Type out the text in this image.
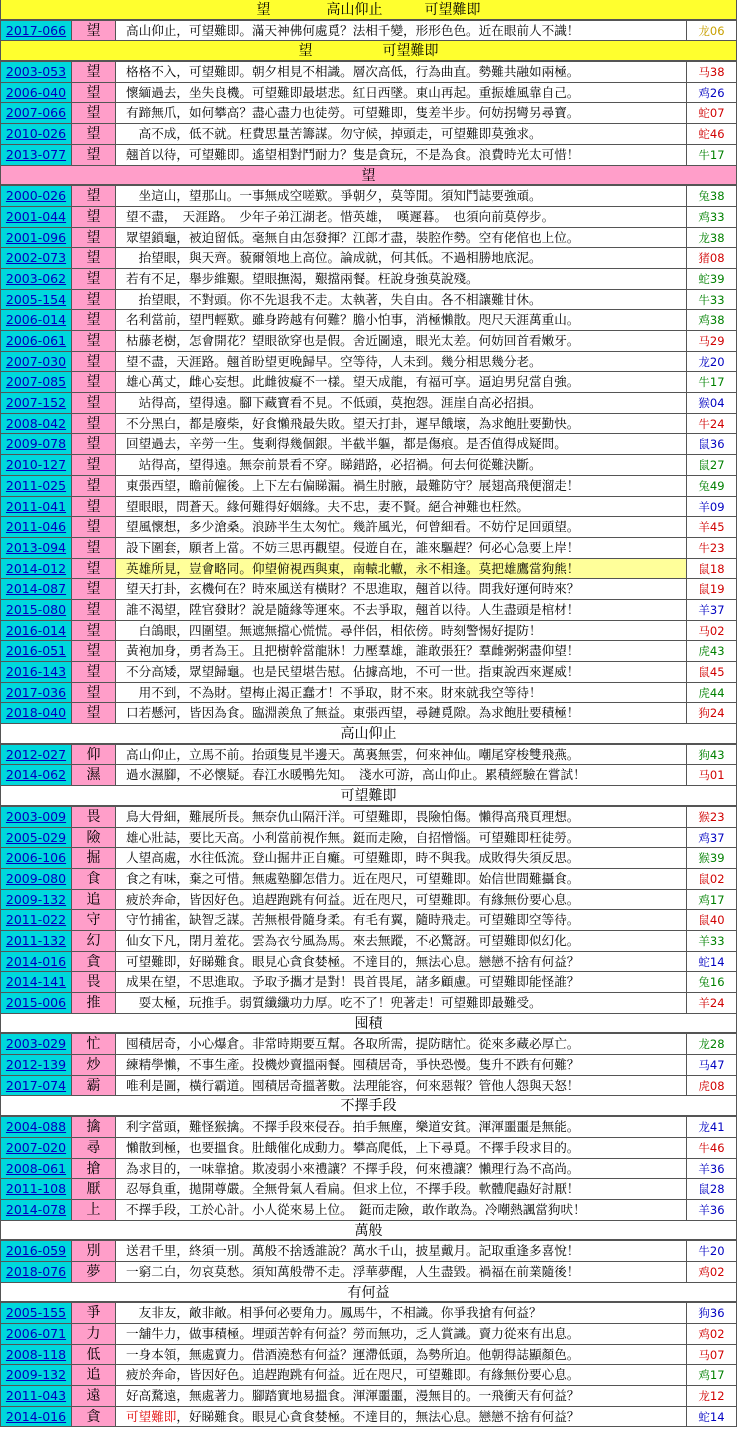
望　　　　高山仰止　　　可望難即
2017-066	望	高山仰止，可望難即。滿天神佛何處覓？法相千變，形形色色。近在眼前人不識！	龙06
望　　　　　可望難即
2003-053	望	格格不入，可望難即。朝夕相見不相識。層次高低，行為曲直。勢難共融如兩極。	马38
2006-040	望	懷緬過去，坐失良機。可望難即最堪悲。紅日西墜。東山再起。重振雄風靠自己。	鸡26
2007-066	望	有蹄無爪，如何攀高？盡心盡力也徒勞。可望難即，隻差半步。何妨拐彎另尋寶。	蛇07
2010-026	望	　高不成，低不就。枉費思量苦籌謀。勿守候，掉頭走，可望難即莫強求。	蛇46
2013-077	望	翹首以待，可望難即。遙望相對鬥耐力？隻是貪玩，不是為食。浪費時光太可惜！	牛17
望
2000-026	望	　坐這山，望那山。一事無成空嗟歎。爭朝夕，莫等閒。須知鬥誌要強頑。	兔38
2001-044	望	望不盡，　天涯路。　少年子弟江湖老。惜英雄，　嘆遲暮。　也須向前莫停步。	鸡33
2001-096	望	眾望鎖龜，被迫留低。毫無自由怎發揮？江郎才盡，裝腔作勢。空有佬倌也上位。	龙38
2002-073	望	　抬望眼，與天齊。藐爾領地上高位。論成就，何其低。不過相勝地底泥。	猪08
2003-062	望	若有不足，舉步維艱。望眼撫渴，艱擋兩餐。枉說身強莫說殘。	蛇39
2005-154	望	　抬望眼，不對頭。你不先退我不走。太執著，失自由。各不相讓難甘休。	牛33
2006-014	望	名利當前，望門輕歎。雖身跨越有何難？膽小怕事，消極懶散。咫尺天涯萬重山。	鸡38
2006-061	望	枯藤老樹，怎會開花？望眼欲穿也是假。舍近圖遠，眼光太差。何妨回首看嫩牙。	马29
2007-030	望	望不盡，天涯路。翹首盼望更晚歸早。空等待，人未到。幾分相思幾分老。	龙20
2007-085	望	雄心萬丈，雌心妄想。此雌彼癡不一樣。望天成龍，有福可享。逼迫男兒當自強。	牛17
2007-152	望	　站得高，望得遠。腳下藏寶看不見。不低頭，莫抱怨。涯崖自高必招損。	猴04
2008-042	望	不分黑白，都是廢柴，好食懶飛最失敗。望天打卦，遲早餓壞，為求飽肚要勤快。	牛24
2009-078	望	回望過去，辛勞一生。隻剩得幾個銀。半截半軀，都是傷痕。是否值得成疑問。	鼠36
2010-127	望	　站得高，望得遠。無奈前景看不穿。睇錯路，必招禍。何去何從難決斷。	鼠27
2011-025	望	東張西望，瞻前僱後。上下左右偏睇漏。禍生肘腋，最難防守？展翅高飛便溜走！	兔49
2011-041	望	望眼眼，問蒼天。緣何難得好姻緣。夫不忠，妻不賢。絕合神難也枉然。	羊09
2011-046	望	望風懷想，多少滄桑。浪跡半生太匆忙。幾許風光，何曾細看。不妨佇足回頭望。	羊45
2013-094	望	設下圍套，願者上當。不妨三思再觀望。侵遊自在，誰來驅趕？何必心急要上岸！	牛23
2014-012	望	英雄所見，豈會略同。仰望俯視西與東，南轅北轍，永不相逢。莫把雄鷹當狗熊！	鼠18
2014-087	望	望天打卦，玄機何在？時來風送有橫財？不思進取，翹首以待。問我好運何時來？	鼠19
2015-080	望	誰不渴望，陞官發財？說是隨緣等運來。不去爭取，翹首以待。人生盡頭是棺材！	羊37
2016-014	望	　白鴿眼，四圍望。無遮無擋心慌慌。尋伴侶，相依傍。時刻警惕好提防！	马02
2016-051	望	黃袍加身，勇者為王。且把樹幹當龍牀！力壓羣雄，誰敢張狂？羣雌粥粥盡仰望！	虎43
2016-143	望	不分高矮，眾望歸龜。也是民望堪告慰。佔據高地，不可一世。指東說西來遲威！	鼠45
2017-036	望	　用不到，不為財。望梅止渴正蠢才！不爭取，財不來。財來就我空等待！	虎44
2018-040	望	口若懸河，皆因為食。臨淵羨魚了無益。東張西望，尋鏈覓隙。為求飽肚要積極！	狗24
高山仰止
2012-027	仰	高山仰止，立馬不前。抬頭隻見半邊天。萬裏無雲，何來神仙。嘲尾穿梭雙飛燕。	狗43
2014-062	濕	過水濕腳，不必懷疑。春江水暖鴨先知。　淺水可游，高山仰止。累積經驗在嘗試！	马01
可望難即
2003-009	畏	鳥大骨細，難展所長。無奈仇山隔汗洋。可望難即，畏險怕傷。懶得高飛頁理想。	猴23
2005-029	險	雄心壯誌，要比天高。小利當前視作無。鋌而走險，自招憎惱。可望難即枉徒勞。	鸡37
2006-106	掘	人望高處，水往低流。登山掘井正自癱。可望難即，時不與我。成敗得失須反思。	猴39
2009-080	食	食之有味，棄之可惜。無處塾腳怎借力。近在咫尺，可望難即。始信世間難攝食。	鼠02
2009-132	追	疲於奔命，皆因好色。追趕跑跳有何益。近在咫尺，可望難即。有緣無份要心息。	鸡17
2011-022	守	守竹捕雀，缺智乏謀。苦無根骨隨身柔。有毛有翼，隨時飛走。可望難即空等待。	鼠40
2011-132	幻	仙女下凡，閉月羞花。雲為衣兮風為馬。來去無蹤，不必驚訝。可望難即似幻化。	羊33
2014-016	貪	可望難即，好睇難食。眼見心貪食婪極。不達目的，無法心息。戀戀不捨有何益？	蛇14
2014-141	畏	成果在望，不思進取。予取予攜才是對！畏首畏尾，諸多顧慮。可望難即能怪誰？	兔16
2015-006	推	　耍太極，玩推手。弱質纖纖功力厚。吃不了！兜著走！可望難即最難受。	羊24
囤積
2003-029	忙	囤積居奇，小心爆倉。非常時期要互幫。各取所需，提防瞎忙。從來多藏必厚亡。	龙28
2012-139	炒	練精學懶，不事生產。投機炒賣搵兩餐。囤積居奇，爭快恐慢。隻升不跌有何難？	马47
2017-074	霸	唯利是圖，橫行霸道。囤積居奇搵著數。法理能容，何來惡報？管他人怨與天怒！	虎08
不擇手段
2004-088	擒	利字當頭，難怪猴擒。不擇手段來侵吞。拍手無塵，樂道安貧。渾渾噩噩是無能。	龙41
2007-020	尋	懶散到極，也要搵食。肚餓催化成動力。攀高爬低，上下尋覓。不擇手段求目的。	牛46
2008-061	搶	為求目的，一味靠搶。欺凌弱小來禮讓？不擇手段，何來禮讓？懶理行為不高尚。	羊36
2011-108	厭	忍辱負重，拋開尊嚴。全無骨氣人看扁。但求上位，不擇手段。軟體爬蟲好討厭！	鼠28
2014-078	上	不擇手段，工於心計。小人從來易上位。　鋌而走險，敢作敢為。冷嘲熱諷當狗吠！	羊36
萬般
2016-059	別	送君千里，終須一別。萬般不捨透誰說？萬水千山，披星戴月。記取重逢多喜悅！	牛20
2018-076	夢	一窮二白，勿哀莫愁。須知萬般帶不走。浮華夢醒，人生盡毀。禍福在前業隨後！	鸡02
有何益
2005-155	爭	　友非友，敵非敵。相爭何必要角力。鳳馬牛，不相識。你爭我搶有何益？	狗36
2006-071	力	一舖牛力，做事積極。埋頭苦幹有何益？勞而無功，乏人賞識。賣力從來有出息。	鸡02
2008-118	低	一身本領，無處賣力。借酒澆愁有何益？運滯低頭，為勢所迫。他朝得誌顯顏色。	马07
2009-132	追	疲於奔命，皆因好色。追趕跑跳有何益。近在咫尺，可望難即。有緣無份要心息。	鸡17
2011-043	遠	好高騖遠，無處著力。腳踏實地易搵食。渾渾噩噩，漫無目的。一飛衝天有何益？	龙12
2014-016	貪	可望難即，好睇難食。眼見心貪食婪極。不達目的，無法心息。戀戀不捨有何益？	蛇14
